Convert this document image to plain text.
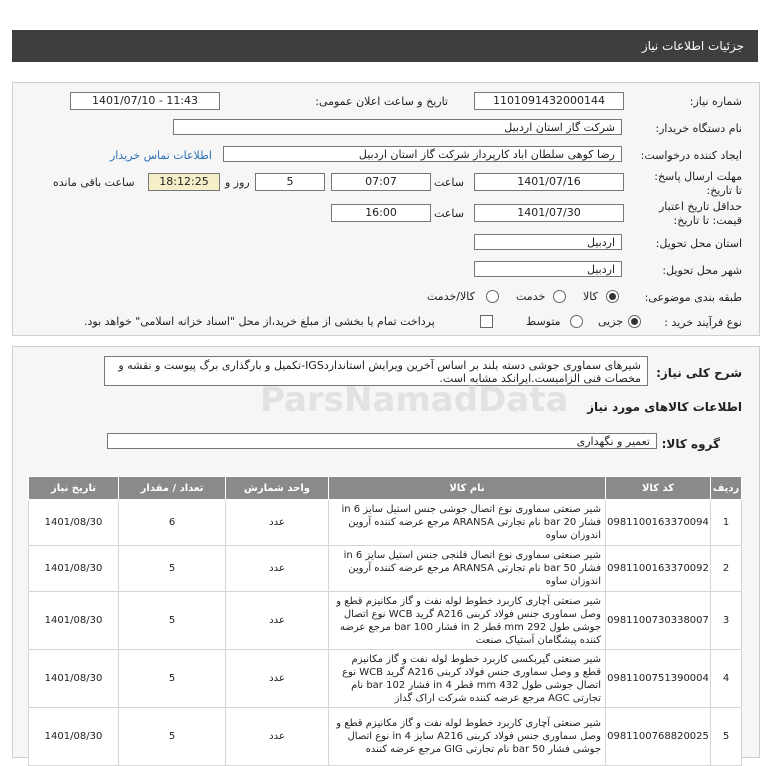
جزئیات اطلاعات نیاز
شماره نیاز:
1101091432000144
تاریخ و ساعت اعلان عمومی:
1401/07/10 - 11:43
نام دستگاه خریدار:
شرکت گاز استان اردبیل
ایجاد کننده درخواست:
رضا کوهی سلطان اباد کارپرداز شرکت گاز استان اردبیل
اطلاعات تماس خریدار
مهلت ارسال پاسخ: تا تاریخ:
1401/07/16
ساعت
07:07
روز و	5
18:12:25
ساعت باقی مانده
حداقل تاریخ اعتبار قیمت: تا تاریخ:
1401/07/30
ساعت
16:00
استان محل تحویل:
اردبیل
شهر محل تحویل:
اردبیل
طبقه بندی موضوعی:
کالا
خدمت
کالا/خدمت
نوع فرآیند خرید :
جزیی
متوسط
پرداخت تمام یا بخشی از مبلغ خرید،از محل "اسناد خزانه اسلامی" خواهد بود.
شرح کلی نیاز:
شیرهای سماوری جوشی دسته بلند بر اساس آخرین ویرایش استانداردIGS-تکمیل و بارگذاری برگ پیوست و نقشه و مخصات فنی الزامیست.ایرانکد مشابه است.
اطلاعات کالاهای مورد نیاز
گروه کالا:
تعمیر و نگهداری
ParsNamadData
ردیف	کد کالا	نام کالا	واحد شمارش	تعداد / مقدار	تاریخ نیاز
1	0981100163370094	شیر صنعتی سماوری نوع اتصال جوشی جنس استیل سایز 6 in فشار 20 bar نام تجارتی ARANSA مرجع عرضه کننده آروین اندوزان ساوه	عدد	6	1401/08/30
2	0981100163370092	شیر صنعتی سماوری نوع اتصال فلنجی جنس استیل سایز 6 in فشار 50 bar نام تجارتی ARANSA مرجع عرضه کننده آروین اندوزان ساوه	عدد	5	1401/08/30
3	0981100730338007	شیر صنعتی آچاری کاربرد خطوط لوله نفت و گاز مکانیزم قطع و وصل سماوری جنس فولاد کربنی A216 گرید WCB نوع اتصال جوشی طول 292 mm قطر 2 in فشار 100 bar مرجع عرضه کننده پیشگامان آستیاک صنعت	عدد	5	1401/08/30
4	0981100751390004	شیر صنعتی گیربکسی کاربرد خطوط لوله نفت و گاز مکانیزم قطع و وصل سماوری جنس فولاد کربنی A216 گرید WCB نوع اتصال جوشی طول 432 mm قطر 4 in فشار 102 bar نام تجارتی AGC مرجع عرضه کننده شرکت اراک گداز	عدد	5	1401/08/30
5	0981100768820025	شیر صنعتی آچاری کاربرد خطوط لوله نفت و گاز مکانیزم قطع و وصل سماوری جنس فولاد کربنی A216 سایز 4 in نوع اتصال جوشی فشار 50 bar نام تجارتی GIG مرجع عرضه کننده	عدد	5	1401/08/30
